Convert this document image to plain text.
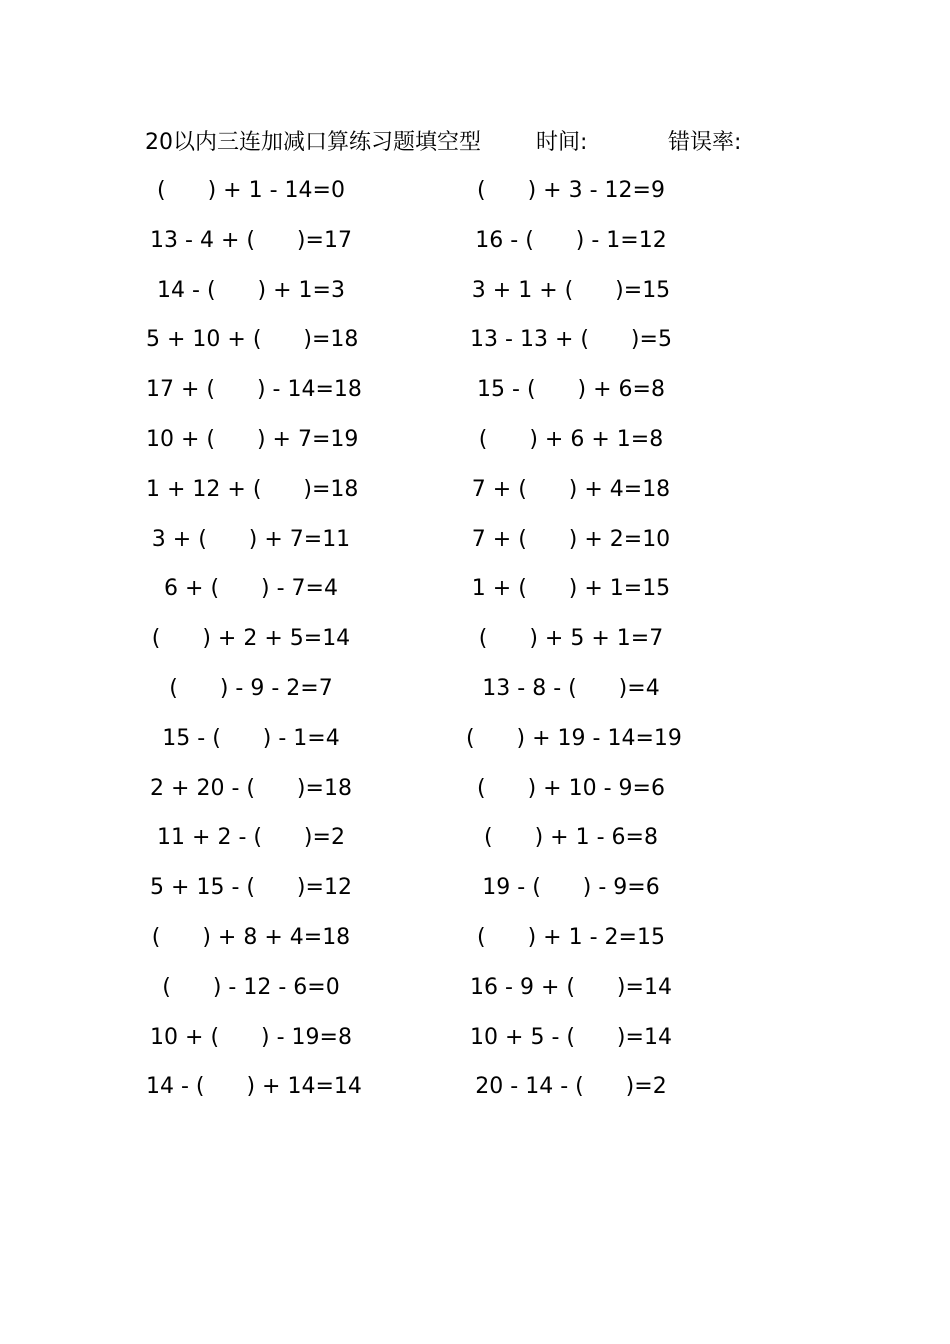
20以内三连加减口算练习题填空型	时间:	错误率:
(      ) + 1 - 14=0	(      ) + 3 - 12=9
13 - 4 + (      )=17	16 - (      ) - 1=12
14 - (      ) + 1=3	3 + 1 + (      )=15
5 + 10 + (      )=18	13 - 13 + (      )=5
17 + (      ) - 14=18	15 - (      ) + 6=8
10 + (      ) + 7=19	(      ) + 6 + 1=8
1 + 12 + (      )=18	7 + (      ) + 4=18
3 + (      ) + 7=11	7 + (      ) + 2=10
6 + (      ) - 7=4	1 + (      ) + 1=15
(      ) + 2 + 5=14	(      ) + 5 + 1=7
(      ) - 9 - 2=7	13 - 8 - (      )=4
15 - (      ) - 1=4	(      ) + 19 - 14=19
2 + 20 - (      )=18	(      ) + 10 - 9=6
11 + 2 - (      )=2	(      ) + 1 - 6=8
5 + 15 - (      )=12	19 - (      ) - 9=6
(      ) + 8 + 4=18	(      ) + 1 - 2=15
(      ) - 12 - 6=0	16 - 9 + (      )=14
10 + (      ) - 19=8	10 + 5 - (      )=14
14 - (      ) + 14=14	20 - 14 - (      )=2
